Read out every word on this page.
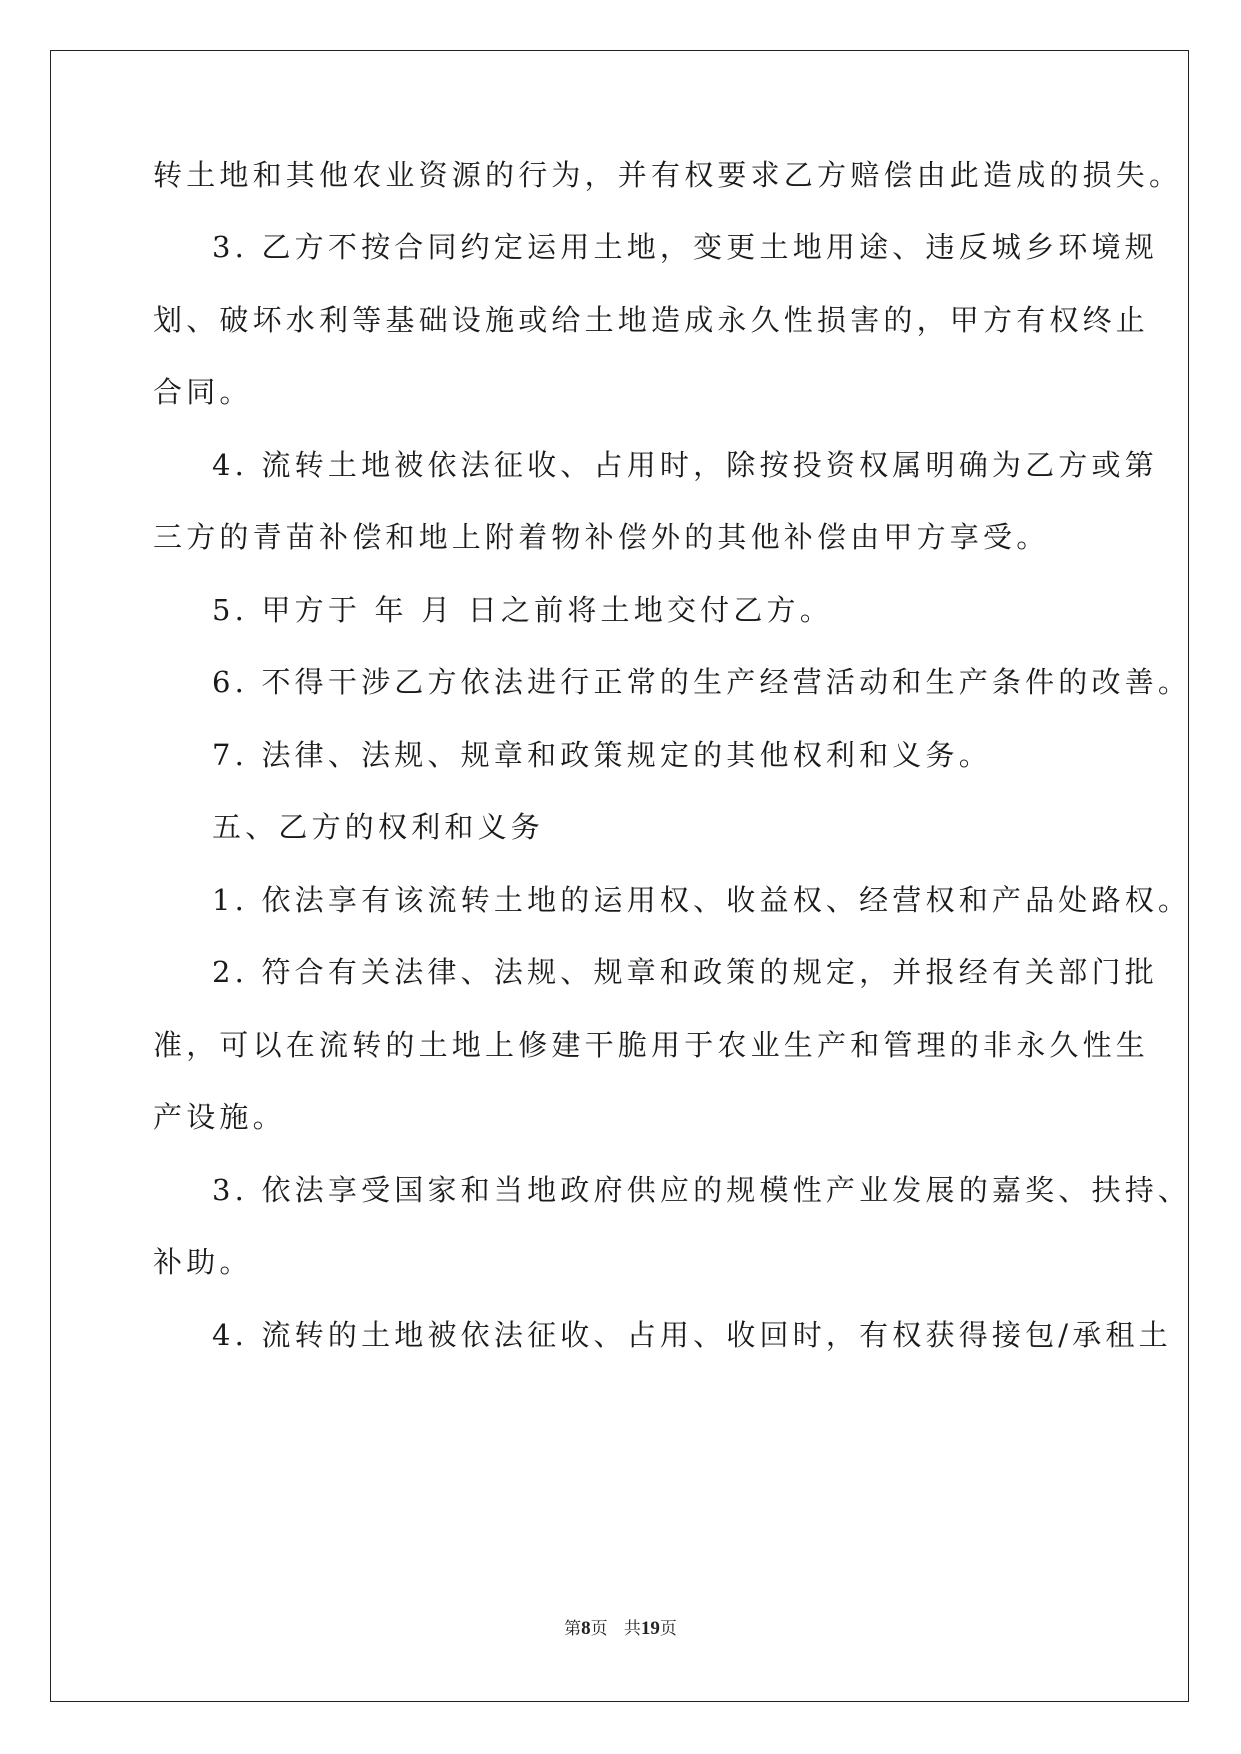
转土地和其他农业资源的行为，并有权要求乙方赔偿由此造成的损失。
3. 乙方不按合同约定运用土地，变更土地用途、违反城乡环境规
划、破坏水利等基础设施或给土地造成永久性损害的，甲方有权终止
合同。
4. 流转土地被依法征收、占用时，除按投资权属明确为乙方或第
三方的青苗补偿和地上附着物补偿外的其他补偿由甲方享受。
5. 甲方于 年 月 日之前将土地交付乙方。
6. 不得干涉乙方依法进行正常的生产经营活动和生产条件的改善。
7. 法律、法规、规章和政策规定的其他权利和义务。
五、乙方的权利和义务
1. 依法享有该流转土地的运用权、收益权、经营权和产品处路权。
2. 符合有关法律、法规、规章和政策的规定，并报经有关部门批
准，可以在流转的土地上修建干脆用于农业生产和管理的非永久性生
产设施。
3. 依法享受国家和当地政府供应的规模性产业发展的嘉奖、扶持、
补助。
4. 流转的土地被依法征收、占用、收回时，有权获得接包/承租土
第8页   共19页
